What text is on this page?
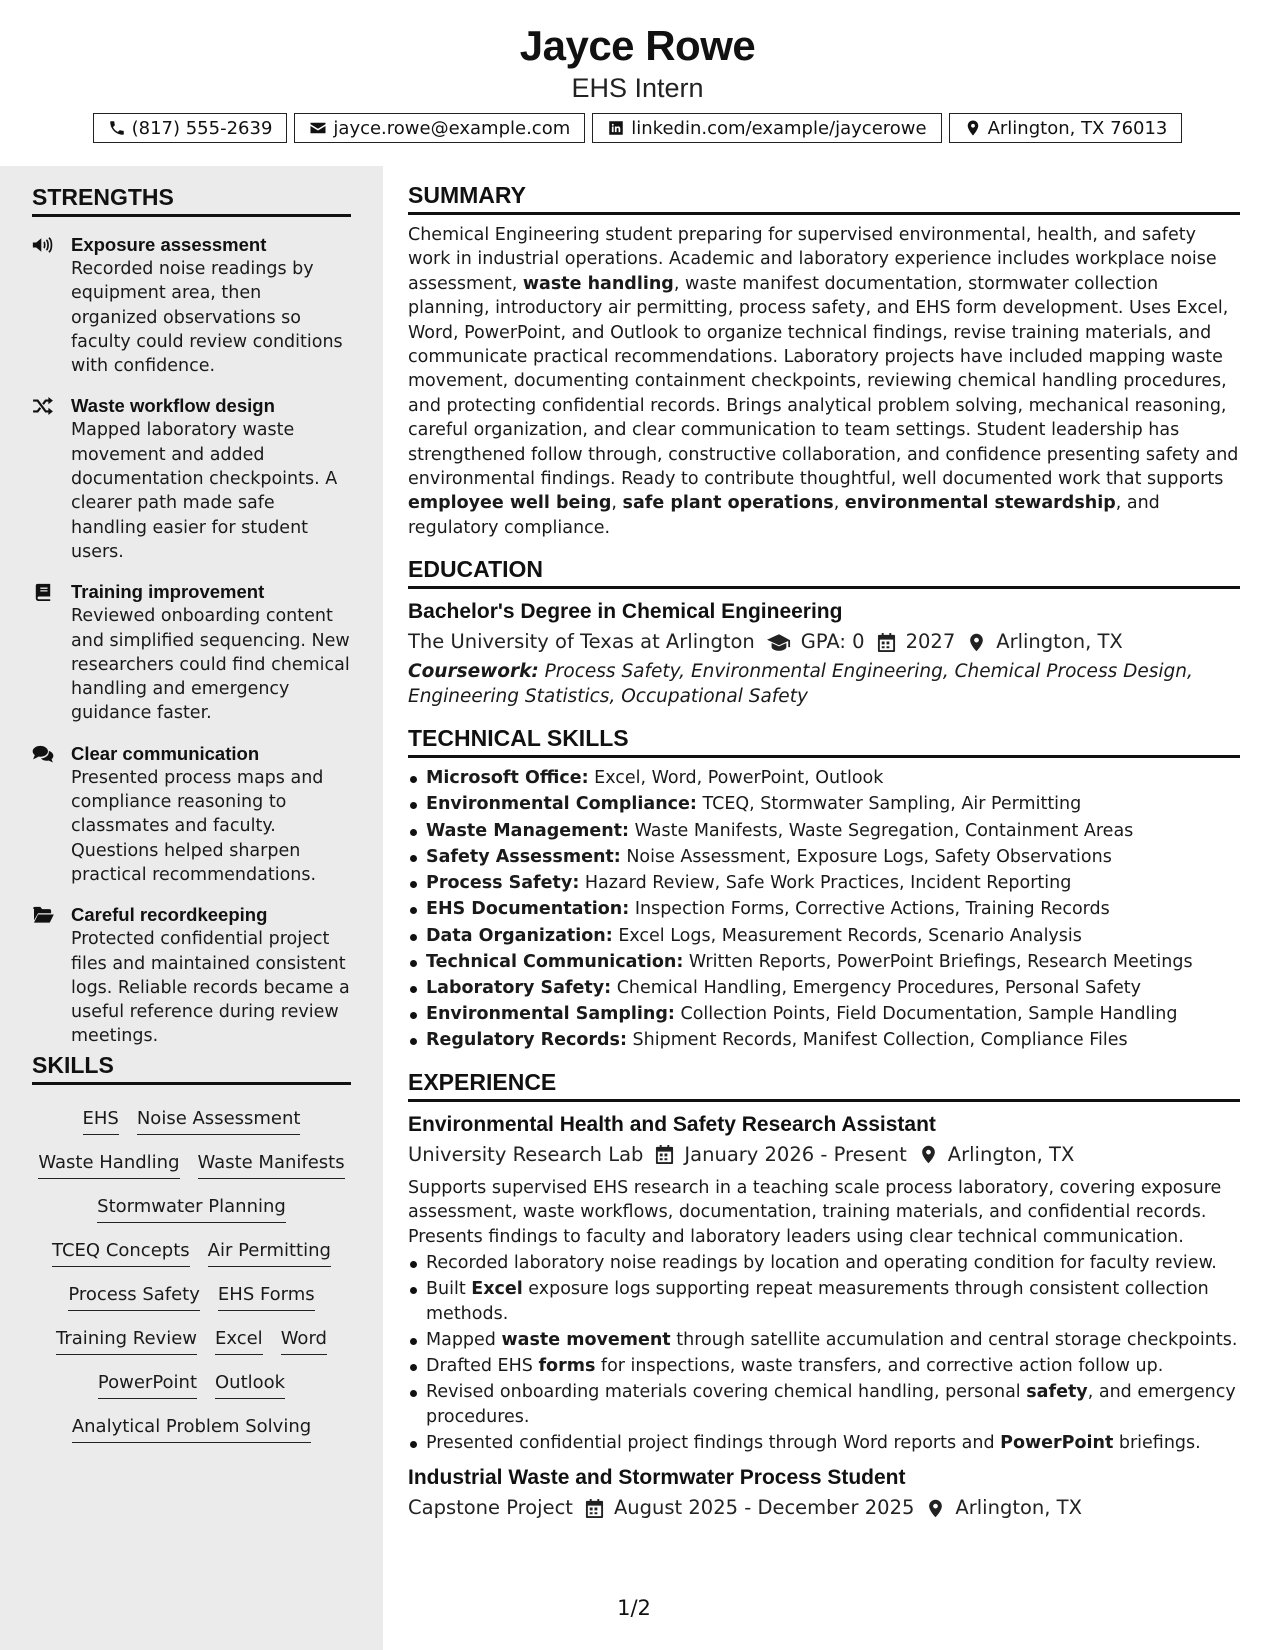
Jayce Rowe
EHS Intern
(817) 555-2639	jayce.rowe@example.com	linkedin.com/example/jaycerowe	Arlington, TX 76013
STRENGTHS
Exposure assessment
Recorded noise readings by equipment area, then organized observations so faculty could review conditions with confidence.
Waste workflow design
Mapped laboratory waste movement and added documentation checkpoints. A clearer path made safe handling easier for student users.
Training improvement
Reviewed onboarding content and simplified sequencing. New researchers could find chemical handling and emergency guidance faster.
Clear communication
Presented process maps and compliance reasoning to classmates and faculty. Questions helped sharpen practical recommendations.
Careful recordkeeping
Protected confidential project files and maintained consistent logs. Reliable records became a useful reference during review meetings.
SKILLS
EHS Noise Assessment
Waste Handling Waste Manifests
Stormwater Planning
TCEQ Concepts Air Permitting
Process Safety EHS Forms
Training Review Excel Word
PowerPoint Outlook
Analytical Problem Solving
SUMMARY
Chemical Engineering student preparing for supervised environmental, health, and safety work in industrial operations. Academic and laboratory experience includes workplace noise assessment, waste handling, waste manifest documentation, stormwater collection planning, introductory air permitting, process safety, and EHS form development. Uses Excel, Word, PowerPoint, and Outlook to organize technical findings, revise training materials, and communicate practical recommendations. Laboratory projects have included mapping waste movement, documenting containment checkpoints, reviewing chemical handling procedures, and protecting confidential records. Brings analytical problem solving, mechanical reasoning, careful organization, and clear communication to team settings. Student leadership has strengthened follow through, constructive collaboration, and confidence presenting safety and environmental findings. Ready to contribute thoughtful, well documented work that supports employee well being, safe plant operations, environmental stewardship, and regulatory compliance.
EDUCATION
Bachelor's Degree in Chemical Engineering
The University of Texas at Arlington GPA: 0 2027 Arlington, TX
Coursework: Process Safety, Environmental Engineering, Chemical Process Design, Engineering Statistics, Occupational Safety
TECHNICAL SKILLS
Microsoft Office: Excel, Word, PowerPoint, Outlook
Environmental Compliance: TCEQ, Stormwater Sampling, Air Permitting
Waste Management: Waste Manifests, Waste Segregation, Containment Areas
Safety Assessment: Noise Assessment, Exposure Logs, Safety Observations
Process Safety: Hazard Review, Safe Work Practices, Incident Reporting
EHS Documentation: Inspection Forms, Corrective Actions, Training Records
Data Organization: Excel Logs, Measurement Records, Scenario Analysis
Technical Communication: Written Reports, PowerPoint Briefings, Research Meetings
Laboratory Safety: Chemical Handling, Emergency Procedures, Personal Safety
Environmental Sampling: Collection Points, Field Documentation, Sample Handling
Regulatory Records: Shipment Records, Manifest Collection, Compliance Files
EXPERIENCE
Environmental Health and Safety Research Assistant
University Research Lab January 2026 - Present Arlington, TX
Supports supervised EHS research in a teaching scale process laboratory, covering exposure assessment, waste workflows, documentation, training materials, and confidential records. Presents findings to faculty and laboratory leaders using clear technical communication.
Recorded laboratory noise readings by location and operating condition for faculty review.
Built Excel exposure logs supporting repeat measurements through consistent collection methods.
Mapped waste movement through satellite accumulation and central storage checkpoints.
Drafted EHS forms for inspections, waste transfers, and corrective action follow up.
Revised onboarding materials covering chemical handling, personal safety, and emergency procedures.
Presented confidential project findings through Word reports and PowerPoint briefings.
Industrial Waste and Stormwater Process Student
Capstone Project August 2025 - December 2025 Arlington, TX
1/2
